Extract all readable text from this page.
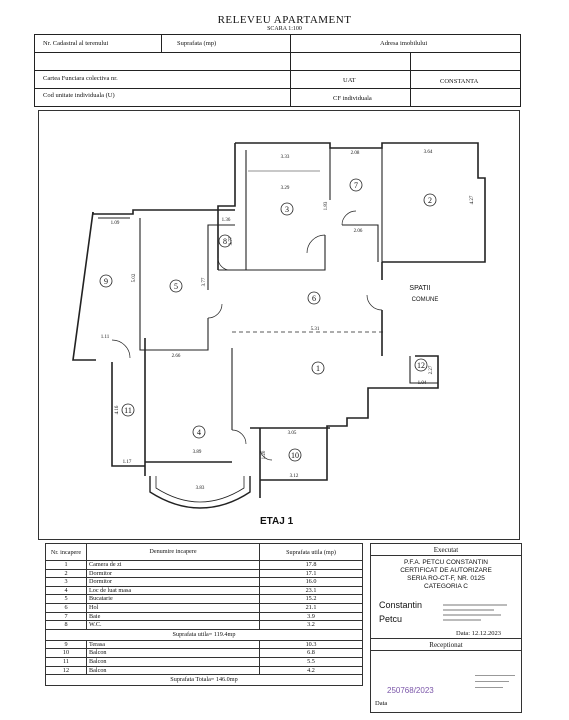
RELEVEU APARTAMENT
SCARA 1:100
Nr. Cadastral al terenului	Suprafata (mp)	Adresa imobilului
Cartea Funciara colectiva nr.	UAT	CONSTANTA
Cod unitate individuala (U)	CF individuala
1
2
3
4
5
6
7
8
9
10
11
12
3.33
2.08	3.64
3.29
2.06
1.36
1.09
5.31
2.66
1.11
3.89
3.05
3.12
3.83
1.17
1.04
1.83
4.27
5.02	3.77
3.77
4.16
1.20
2.27
SPATII
COMUNE
ETAJ 1
Nr. incapere	Denumire incapere	Suprafata utila (mp)
1	Camera de zi	17.8
2	Dormitor	17.1
3	Dormitor	16.0
4	Loc de luat masa	23.1
5	Bucatarie	15.2
6	Hol	21.1
7	Baie	3.9
8	W.C.	3.2
Suprafata utila= 119.4mp		
9	Terasa	10.3
10	Balcon	6.8
11	Balcon	5.5
12	Balcon	4.2
Suprafata Totala= 146.0mp		
Executat
P.F.A. PETCU CONSTANTIN
CERTIFICAT DE AUTORIZARE
SERIA RO-CT-F, NR. 0125
CATEGORIA C
Constantin
Petcu
Data: 12.12.2023
Receptionat
250768/2023
Data
